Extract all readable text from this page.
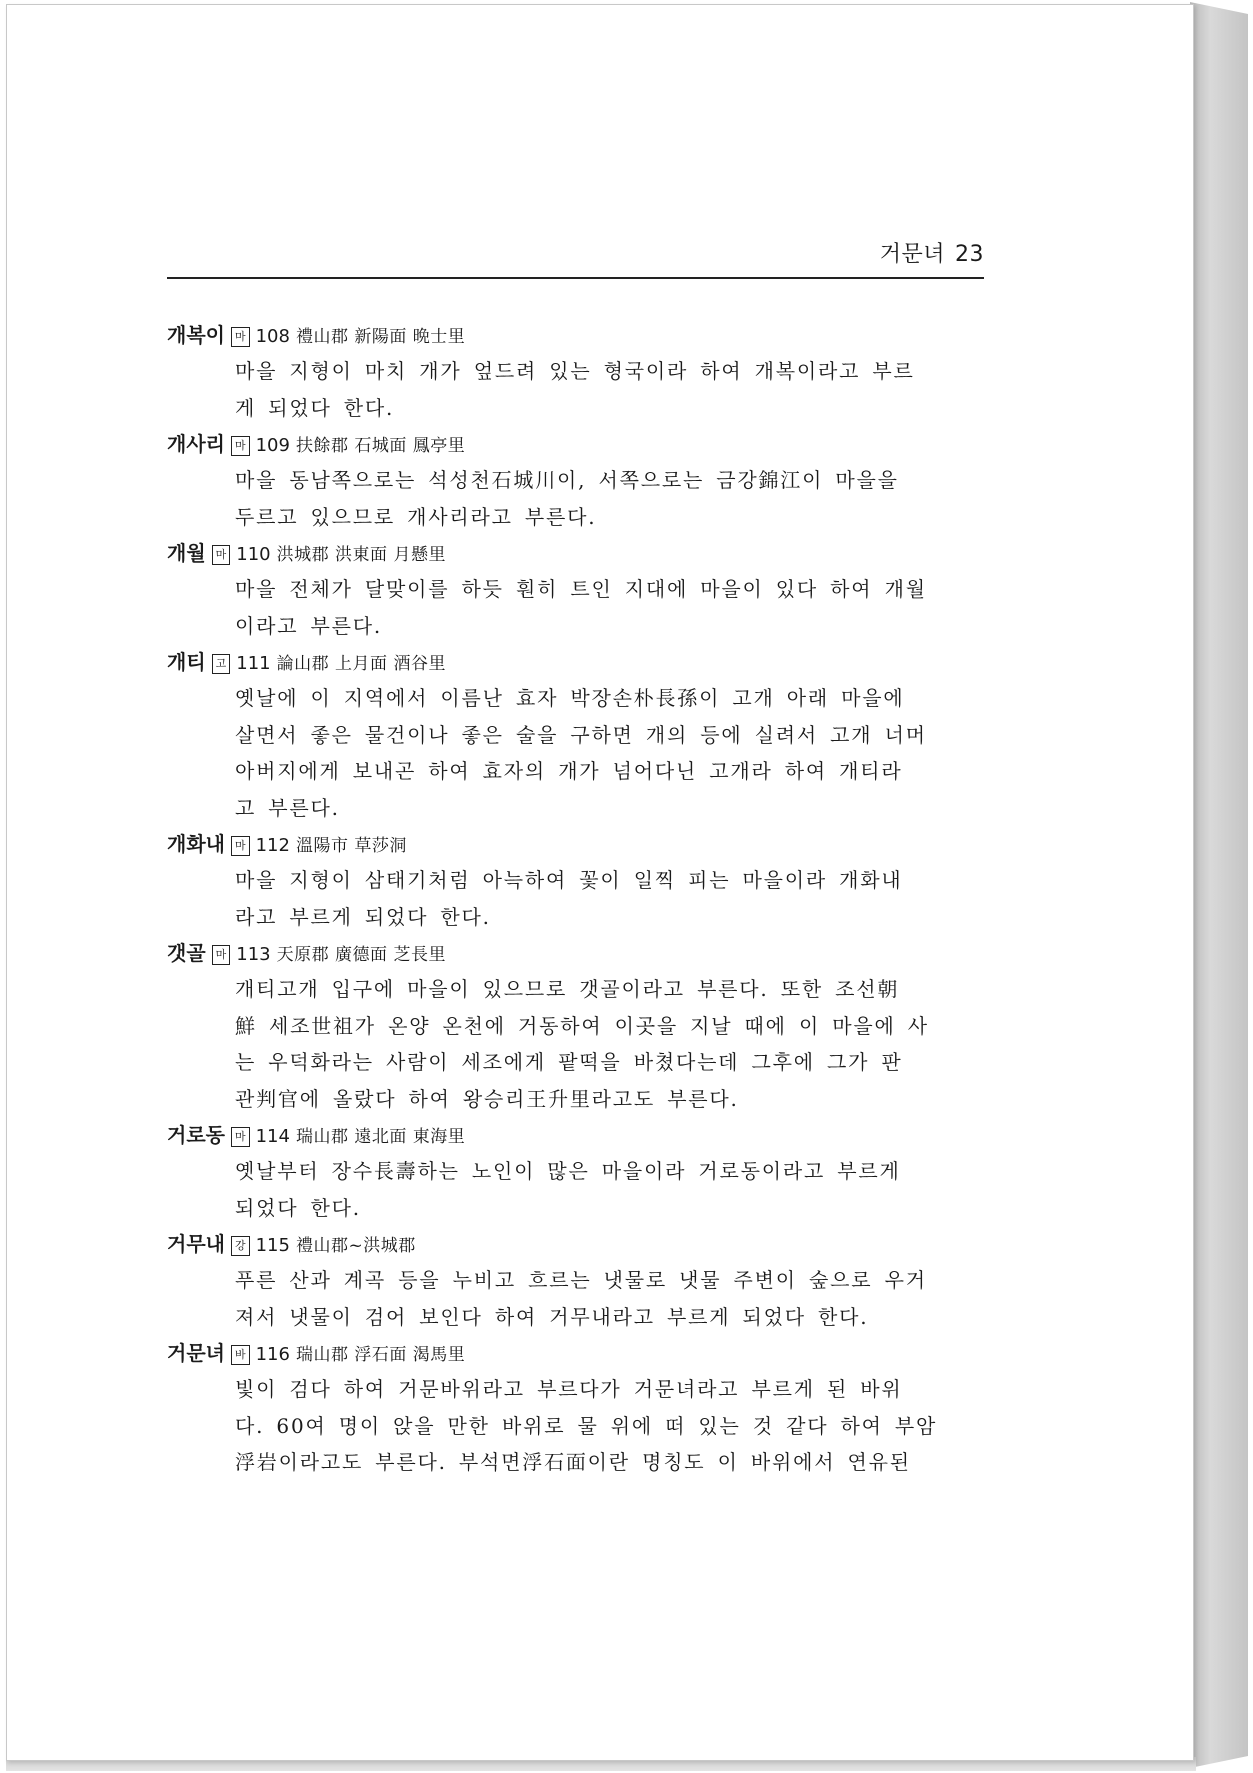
거문녀 23
개복이 마 108 禮山郡 新陽面 晩士里
마을 지형이 마치 개가 엎드려 있는 형국이라 하여 개복이라고 부르
게 되었다 한다.
개사리 마 109 扶餘郡 石城面 鳳亭里
마을 동남쪽으로는 석성천石城川이, 서쪽으로는 금강錦江이 마을을
두르고 있으므로 개사리라고 부른다.
개월 마 110 洪城郡 洪東面 月懸里
마을 전체가 달맞이를 하듯 훤히 트인 지대에 마을이 있다 하여 개월
이라고 부른다.
개티 고 111 論山郡 上月面 酒谷里
옛날에 이 지역에서 이름난 효자 박장손朴長孫이 고개 아래 마을에
살면서 좋은 물건이나 좋은 술을 구하면 개의 등에 실려서 고개 너머
아버지에게 보내곤 하여 효자의 개가 넘어다닌 고개라 하여 개티라
고 부른다.
개화내 마 112 溫陽市 草莎洞
마을 지형이 삼태기처럼 아늑하여 꽃이 일찍 피는 마을이라 개화내
라고 부르게 되었다 한다.
갯골 마 113 天原郡 廣德面 芝長里
개티고개 입구에 마을이 있으므로 갯골이라고 부른다. 또한 조선朝
鮮 세조世祖가 온양 온천에 거동하여 이곳을 지날 때에 이 마을에 사
는 우덕화라는 사람이 세조에게 팥떡을 바쳤다는데 그후에 그가 판
관判官에 올랐다 하여 왕승리王升里라고도 부른다.
거로동 마 114 瑞山郡 遠北面 東海里
옛날부터 장수長壽하는 노인이 많은 마을이라 거로동이라고 부르게
되었다 한다.
거무내 강 115 禮山郡~洪城郡
푸른 산과 계곡 등을 누비고 흐르는 냇물로 냇물 주변이 숲으로 우거
져서 냇물이 검어 보인다 하여 거무내라고 부르게 되었다 한다.
거문녀 바 116 瑞山郡 浮石面 渴馬里
빛이 검다 하여 거문바위라고 부르다가 거문녀라고 부르게 된 바위
다. 60여 명이 앉을 만한 바위로 물 위에 떠 있는 것 같다 하여 부암
浮岩이라고도 부른다. 부석면浮石面이란 명칭도 이 바위에서 연유된
